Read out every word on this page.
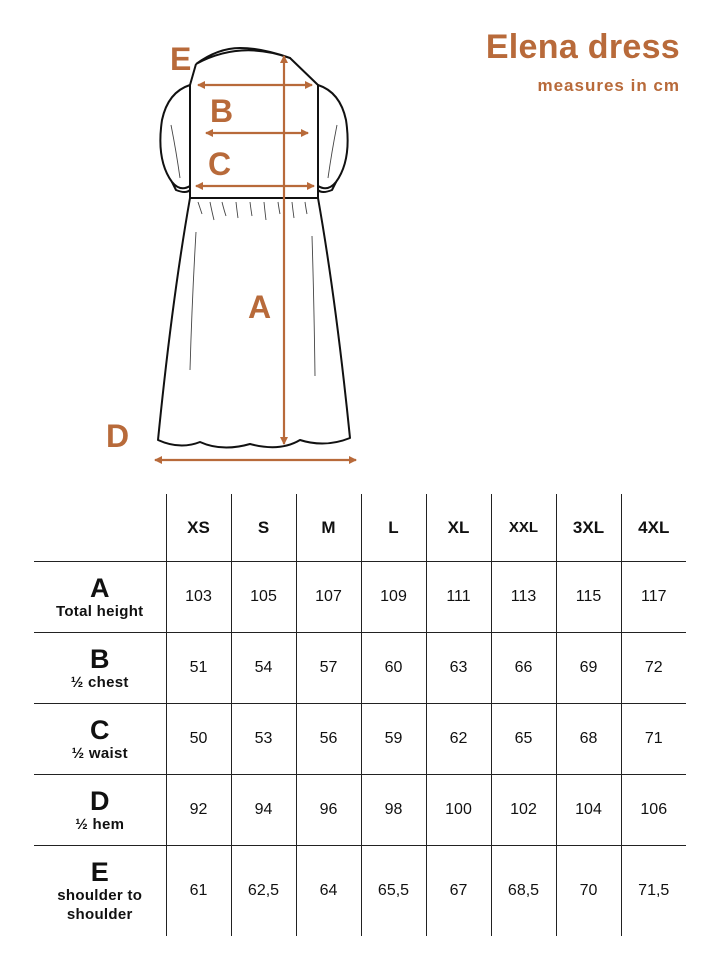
Elena dress
measures in cm
E
B
C
A
D
	XS	S	M	L	XL	XXL	3XL	4XL

A
Total height	103	105	107	109	111	113	115	117

B
½ chest	51	54	57	60	63	66	69	72

C
½ waist	50	53	56	59	62	65	68	71

D
½ hem	92	94	96	98	100	102	104	106

E
shoulder to shoulder	61	62,5	64	65,5	67	68,5	70	71,5
